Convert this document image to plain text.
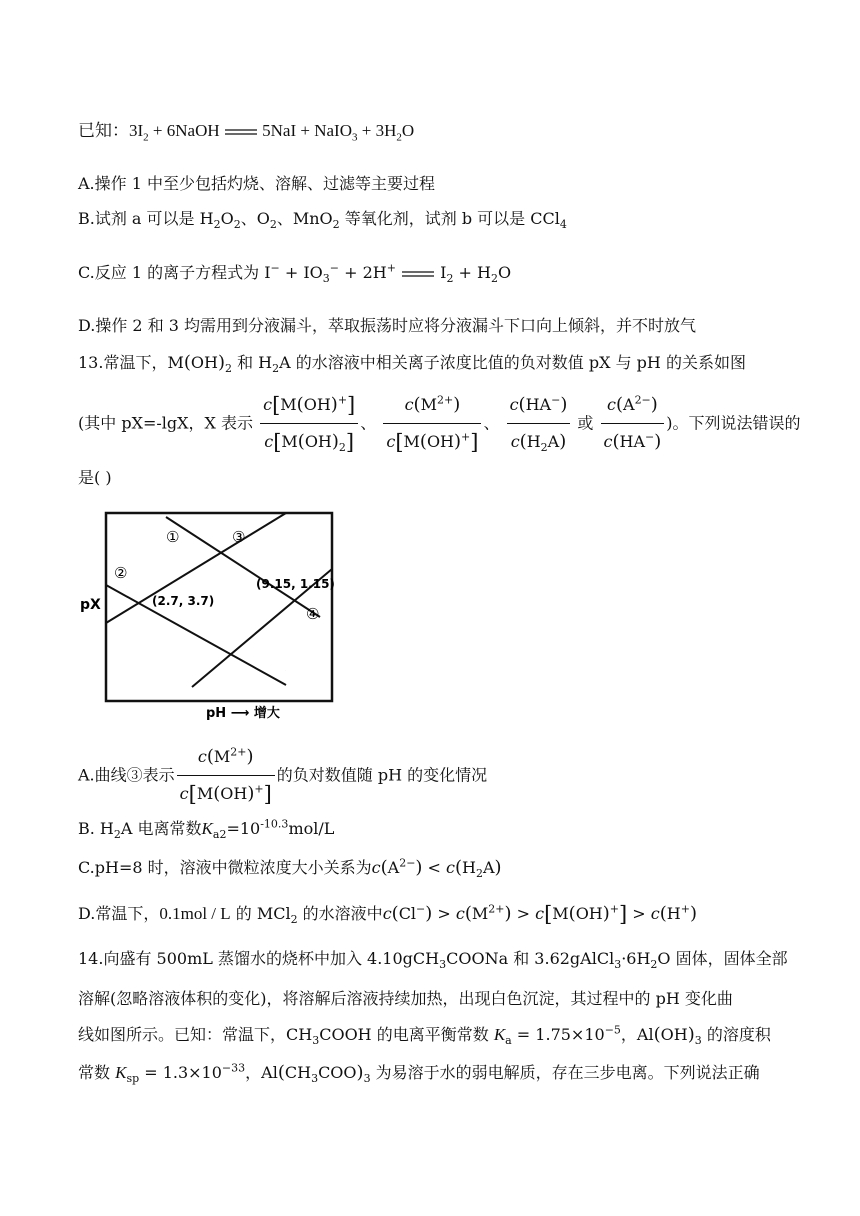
已知：$3I_2$ + 6NaOH	5NaI + NaIO$_3$ + $3H_2O$
A.操作 1 中至少包括灼烧、溶解、过滤等主要过程
B.试剂 a 可以是 $H_2O_2$、$O_2$、MnO$_2$ 等氧化剂，试剂 b 可以是 CCl$_4$
C.反应 1 的离子方程式为 $I^- + IO_3^- + 2H^+$	$I_2 + H_2O$
D.操作 2 和 3 均需用到分液漏斗，萃取振荡时应将分液漏斗下口向上倾斜，并不时放气
13.常温下，$M(OH)_2$ 和 $H_2A$ 的水溶液中相关离子浓度比值的负对数值 pX 与 pH 的关系如图
(其中 pX=-lgX，X 表示 $\frac{c[M(OH)^+]}{c[M(OH)_2]}$ 、 $\frac{c(M^{2+})}{c[M(OH)^+]}$ 、 $\frac{c(HA^-)}{c(H_2A)}$ 或 $\frac{c(A^{2-})}{c(HA^-)}$ )。下列说法错误的
是( )
①
②
③
④
(2.7, 3.7)
(9.15, 1.15)
pX
pH ⟶ 增大
A.曲线③表示 $\frac{c(M^{2+})}{c[M(OH)^+]}$ 的负对数值随 pH 的变化情况
B. $H_2A$ 电离常数$K_{a2}=10^{-10.3}mol/L$
C.pH=8 时，溶液中微粒浓度大小关系为$c(A^{2-}) < c(H_2A)$
D.常温下，0.1mol / L 的 MCl$_2$ 的水溶液中$c(Cl^-) > c(M^{2+}) > c[M(OH)^+] > c(H^+)$
14.向盛有 500mL 蒸馏水的烧杯中加入 4.10gCH$_3$COONa 和 $3.62gAlCl_3\cdot 6H_2O$ 固体，固体全部
溶解(忽略溶液体积的变化)，将溶解后溶液持续加热，出现白色沉淀，其过程中的 pH 变化曲
线如图所示。已知：常温下，$CH_3COOH$ 的电离平衡常数 $K_a = 1.75\times 10^{-5}$，$Al(OH)_3$ 的溶度积
常数 $K_{sp} = 1.3\times 10^{-33}$，$Al(CH_3COO)_3$ 为易溶于水的弱电解质，存在三步电离。下列说法正确
